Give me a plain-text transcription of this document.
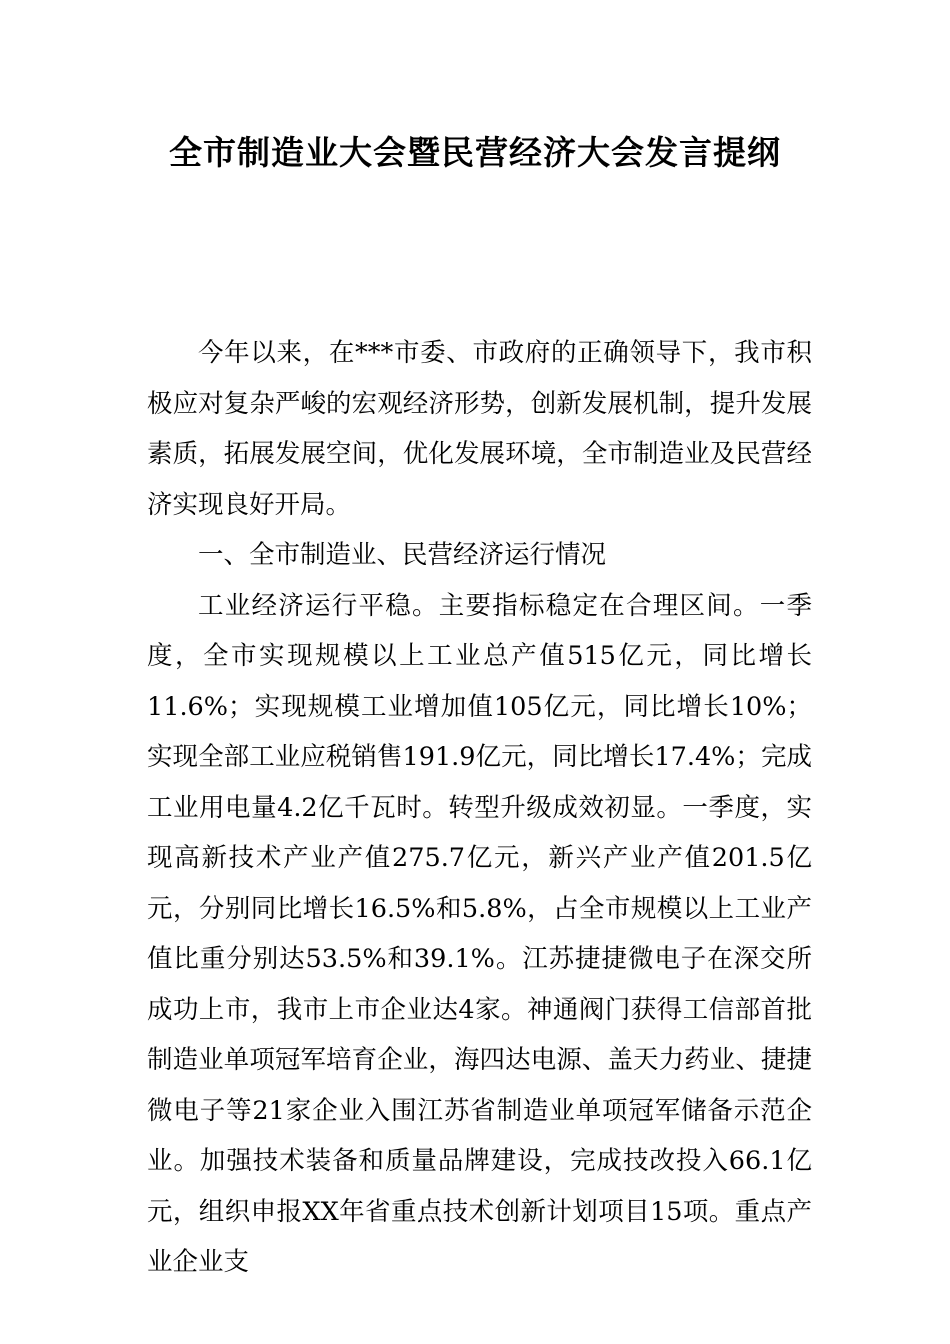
全市制造业大会暨民营经济大会发言提纲

今年以来，在***市委、市政府的正确领导下，我市积极应对复杂严峻的宏观经济形势，创新发展机制，提升发展素质，拓展发展空间，优化发展环境，全市制造业及民营经济实现良好开局。

一、全市制造业、民营经济运行情况

工业经济运行平稳。主要指标稳定在合理区间。一季度，全市实现规模以上工业总产值515亿元，同比增长11.6%；实现规模工业增加值105亿元，同比增长10%；实现全部工业应税销售191.9亿元，同比增长17.4%；完成工业用电量4.2亿千瓦时。转型升级成效初显。一季度，实现高新技术产业产值275.7亿元，新兴产业产值201.5亿元，分别同比增长16.5%和5.8%，占全市规模以上工业产值比重分别达53.5%和39.1%。江苏捷捷微电子在深交所成功上市，我市上市企业达4家。神通阀门获得工信部首批制造业单项冠军培育企业，海四达电源、盖天力药业、捷捷微电子等21家企业入围江苏省制造业单项冠军储备示范企业。加强技术装备和质量品牌建设，完成技改投入66.1亿元，组织申报XX年省重点技术创新计划项目15项。重点产业企业支
